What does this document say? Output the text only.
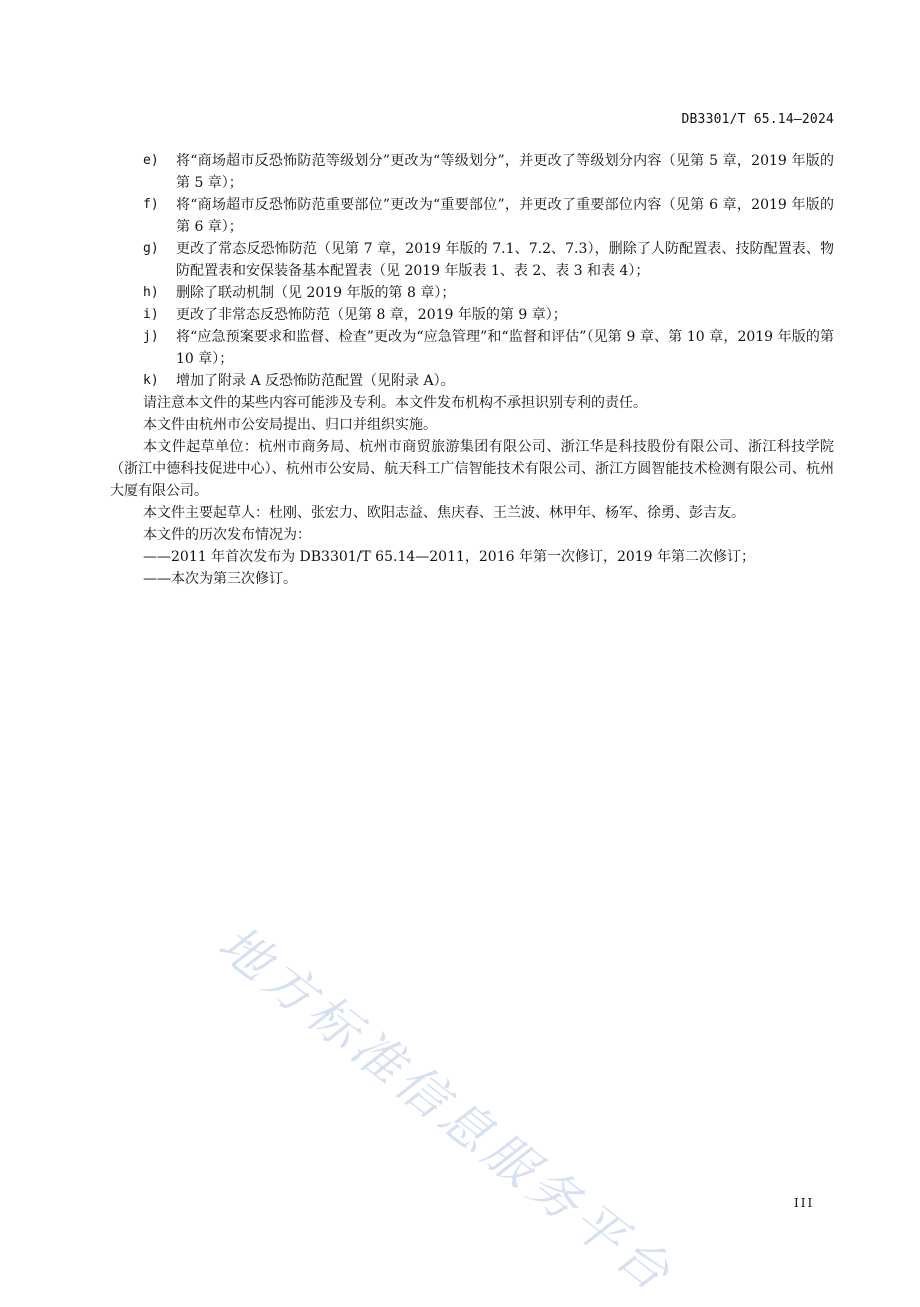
DB3301/T 65.14—2024
e) 将“商场超市反恐怖防范等级划分”更改为“等级划分”，并更改了等级划分内容（见第 5 章，2019 年版的第 5 章）；
f) 将“商场超市反恐怖防范重要部位”更改为“重要部位”，并更改了重要部位内容（见第 6 章，2019 年版的第 6 章）；
g) 更改了常态反恐怖防范（见第 7 章，2019 年版的 7.1、7.2、7.3），删除了人防配置表、技防配置表、物防配置表和安保装备基本配置表（见 2019 年版表 1、表 2、表 3 和表 4）；
h) 删除了联动机制（见 2019 年版的第 8 章）；
i) 更改了非常态反恐怖防范（见第 8 章，2019 年版的第 9 章）；
j) 将“应急预案要求和监督、检查”更改为“应急管理”和“监督和评估”（见第 9 章、第 10 章，2019 年版的第 10 章）；
k) 增加了附录 A 反恐怖防范配置（见附录 A）。
请注意本文件的某些内容可能涉及专利。本文件发布机构不承担识别专利的责任。
本文件由杭州市公安局提出、归口并组织实施。
本文件起草单位：杭州市商务局、杭州市商贸旅游集团有限公司、浙江华是科技股份有限公司、浙江科技学院（浙江中德科技促进中心）、杭州市公安局、航天科工广信智能技术有限公司、浙江方圆智能技术检测有限公司、杭州大厦有限公司。
本文件主要起草人：杜刚、张宏力、欧阳志益、焦庆春、王兰波、林甲年、杨军、徐勇、彭吉友。
本文件的历次发布情况为：
——2011 年首次发布为 DB3301/T 65.14—2011，2016 年第一次修订，2019 年第二次修订；
——本次为第三次修订。
地方标准信息服务平台	III
